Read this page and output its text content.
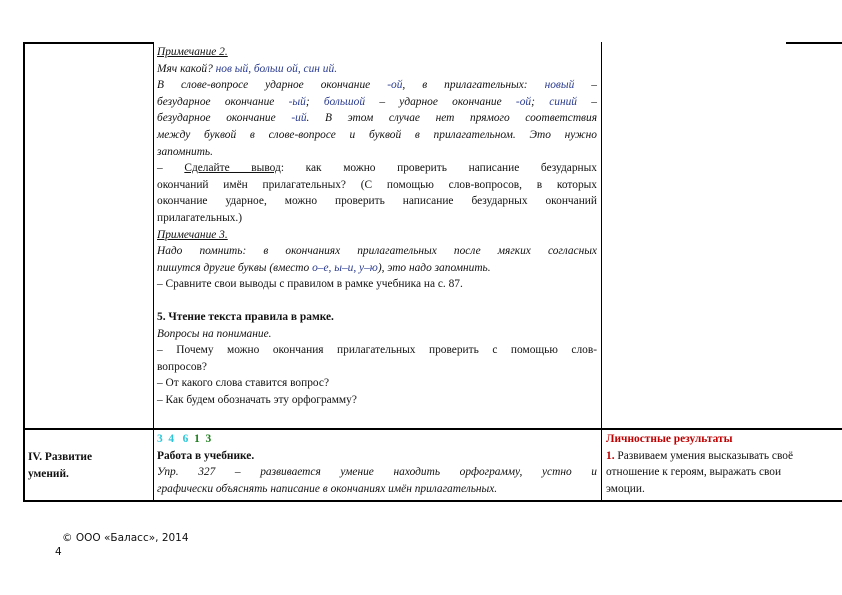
Примечание 2.
Мяч какой? нов ый, больш ой, син ий.
В слове-вопросе ударное окончание -ой, в прилагательных: новый –
безударное окончание -ый; большой – ударное окончание -ой; синий –
безударное окончание -ий. В этом случае нет прямого соответствия
между буквой в слове-вопросе и буквой в прилагательном. Это нужно
запомнить.
– Сделайте вывод: как можно проверить написание безударных
окончаний имён прилагательных? (С помощью слов-вопросов, в которых
окончание ударное, можно проверить написание безударных окончаний
прилагательных.)
Примечание 3.
Надо помнить: в окончаниях прилагательных после мягких согласных
пишутся другие буквы (вместо о–е, ы–и, у–ю), это надо запомнить.
– Сравните свои выводы с правилом в рамке учебника на с. 87.
5. Чтение текста правила в рамке.
Вопросы на понимание.
– Почему можно окончания прилагательных проверить с помощью слов-
вопросов?
– От какого слова ставится вопрос?
– Как будем обозначать эту орфограмму?
IV. Развитие
умений.
3 4 6 1 3
Работа в учебнике.
Упр. 327 – развивается умение находить орфограмму, устно и
графически объяснять написание в окончаниях имён прилагательных.
Личностные результаты
1. Развиваем умения высказывать своё
отношение к героям, выражать свои
эмоции.
© ООО «Баласс», 2014
4
